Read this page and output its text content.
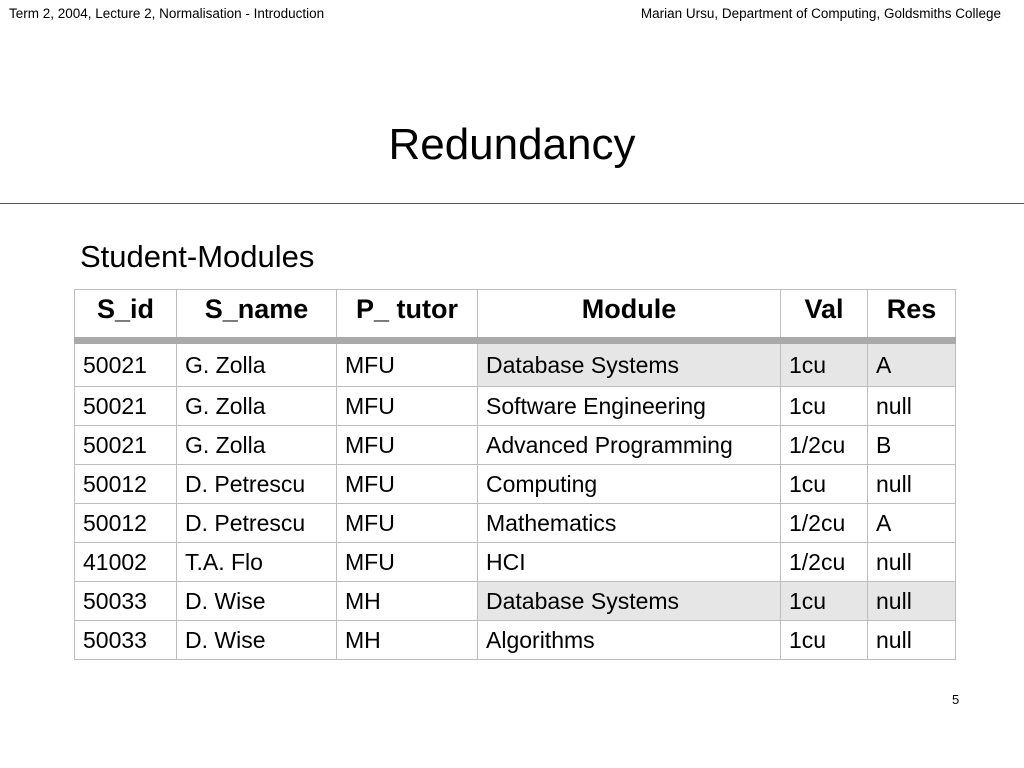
Term 2, 2004, Lecture 2, Normalisation - Introduction	Marian Ursu, Department of Computing, Goldsmiths College
Redundancy
Student-Modules
S_id	S_name	P_ tutor	Module	Val	Res
50021	G. Zolla	MFU	Database Systems	1cu	A
50021	G. Zolla	MFU	Software Engineering	1cu	null
50021	G. Zolla	MFU	Advanced Programming	1/2cu	B
50012	D. Petrescu	MFU	Computing	1cu	null
50012	D. Petrescu	MFU	Mathematics	1/2cu	A
41002	T.A. Flo	MFU	HCI	1/2cu	null
50033	D. Wise	MH	Database Systems	1cu	null
50033	D. Wise	MH	Algorithms	1cu	null
5
